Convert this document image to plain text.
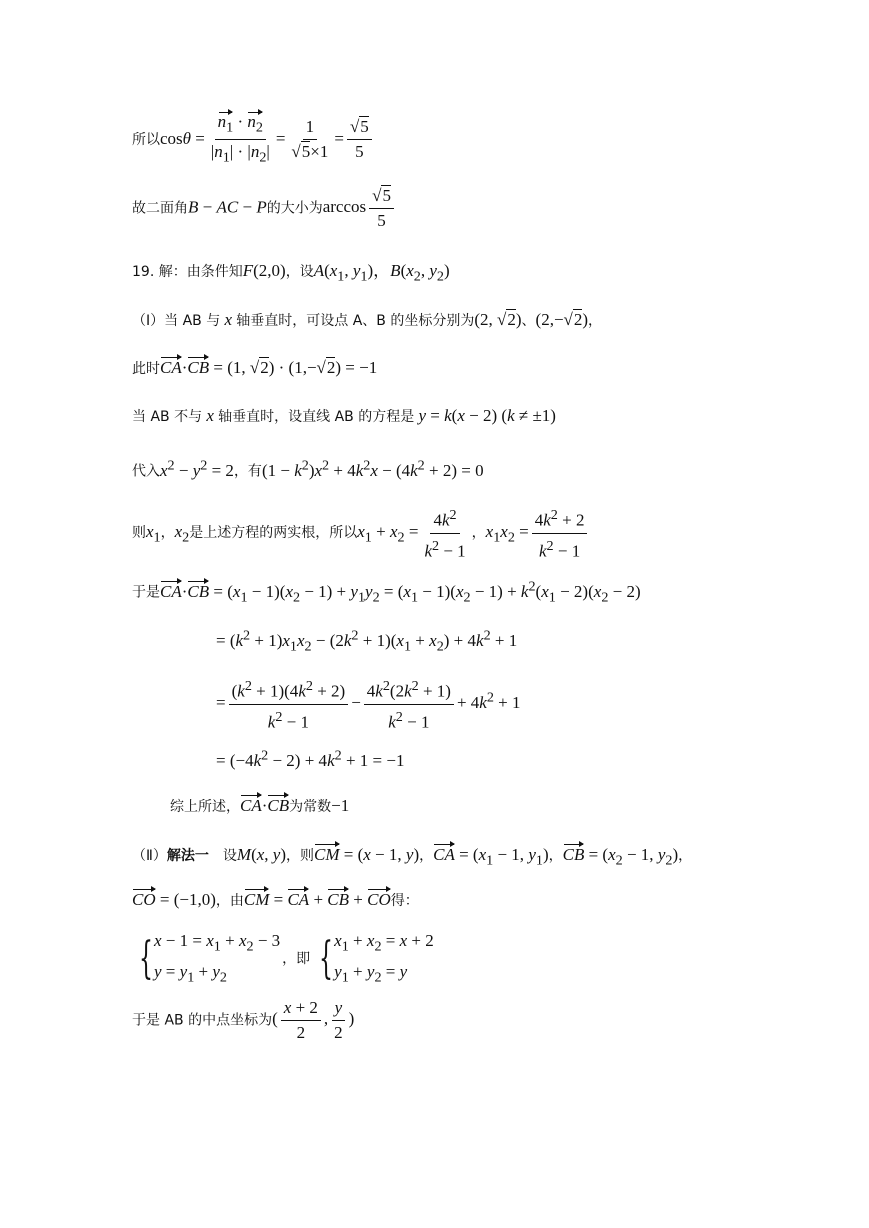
所以$\cos\theta = \frac{n_1 \cdot n_2}{|n_1| \cdot |n_2|} = \frac{1}{√5\times 1} = \frac{√5}{5}$
故二面角B − AC − P的大小为$\arccos \frac{√5}{5}$
19. 解：由条件知F(2,0)，设$A(x_1$, $y_1$)，$B(x_2$, $y_2$)
（Ⅰ）当 AB 与 x 轴垂直时，可设点 A、B 的坐标分别为(2, √2)、(2,−√2)，
此时CA·CB = (1, √2) · (1,−√2) = −1
当 AB 不与 x 轴垂直时，设直线 AB 的方程是 y = k(x − 2) (k ≠ ±1)
代入$x^2 - y^2 = 2$，有$(1 - k^2)x^2 + 4k^2x - (4k^2 + 2) = 0$
则$x_1$，$x_2$是上述方程的两实根，所以$x_1 + x_2 = \frac{4k^2}{k^2 - 1}$ ，$x_1x_2 = \frac{4k^2 + 2}{k^2 - 1}$
于是$CA\cdot CB = (x_1 - 1)(x_2 - 1) + y_1y_2 = (x_1 - 1)(x_2 - 1) + k^2(x_1 - 2)(x_2 - 2)$
= $(k^2 + 1)x_1x_2 - (2k^2 + 1)(x_1 + x_2) + 4k^2 + 1$
= $\frac{(k^2 + 1)(4k^2 + 2)}{k^2 - 1} - \frac{4k^2(2k^2 + 1)}{k^2 - 1} + 4k^2 + 1$
= $(-4k^2 - 2) + 4k^2 + 1 = -1$
综上所述，CA·CB为常数−1
（Ⅱ）解法一 设M(x, y)，则CM = (x − 1, y)，CA = ($x_1 - 1$, $y_1$)，CB = ($x_2 - 1$, $y_2$)，
CO = (−1,0)，由CM = CA + CB + CO得：
{ $x - 1 = x_1 + x_2 - 3$
$y = y_1 + y_2$
，即 { $x_1 + x_2 = x + 2$
$y_1 + y_2 = y$
于是 AB 的中点坐标为( $\frac{x + 2}{2}$ , $\frac{y}{2}$ )
